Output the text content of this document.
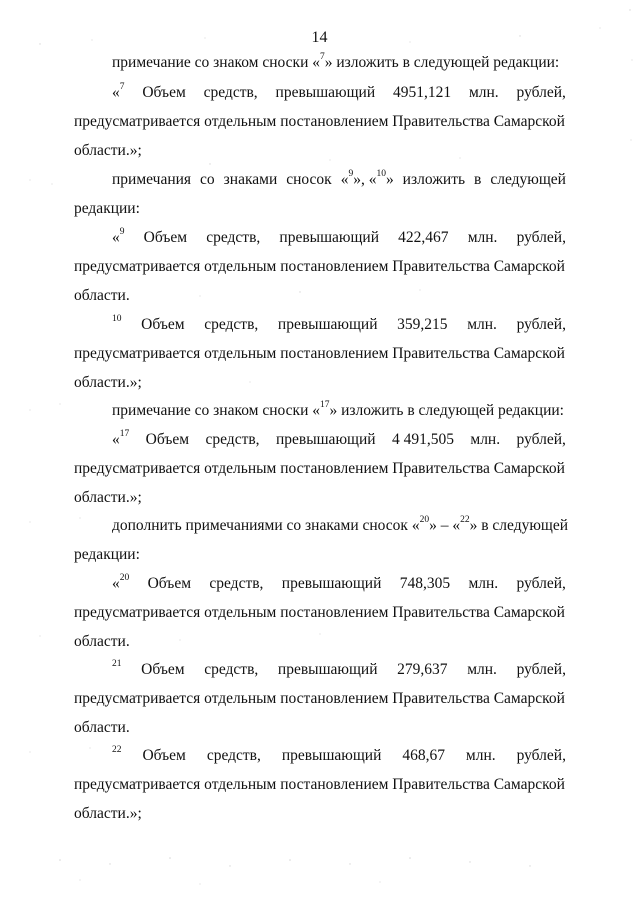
14
примечание со знаком сноски «$^7$» изложить в следующей редакции:
«$^7$ Объем средств, превышающий 4951,121 млн. рублей,
предусматривается отдельным постановлением Правительства Самарской
области.»;
примечания со знаками сносок «$^9$», «$^{10}$» изложить в следующей
редакции:
«$^9$ Объем средств, превышающий 422,467 млн. рублей,
предусматривается отдельным постановлением Правительства Самарской
области.
$^{10}$ Объем средств, превышающий 359,215 млн. рублей,
предусматривается отдельным постановлением Правительства Самарской
области.»;
примечание со знаком сноски «$^{17}$» изложить в следующей редакции:
«$^{17}$ Объем средств, превышающий 4 491,505 млн. рублей,
предусматривается отдельным постановлением Правительства Самарской
области.»;
дополнить примечаниями со знаками сносок «$^{20}$» – «$^{22}$» в следующей
редакции:
«$^{20}$ Объем средств, превышающий 748,305 млн. рублей,
предусматривается отдельным постановлением Правительства Самарской
области.
$^{21}$ Объем средств, превышающий 279,637 млн. рублей,
предусматривается отдельным постановлением Правительства Самарской
области.
$^{22}$ Объем средств, превышающий 468,67 млн. рублей,
предусматривается отдельным постановлением Правительства Самарской
области.»;
